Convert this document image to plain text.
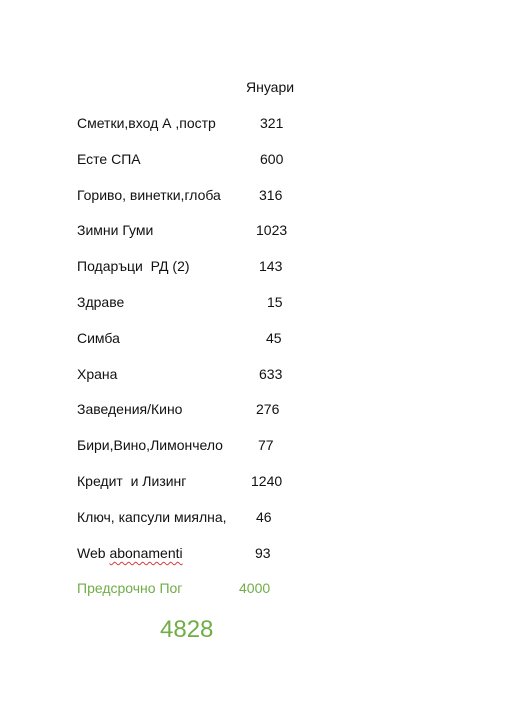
Януари
Сметки,вход А ,постр	321
Есте СПА	600
Гориво, винетки,глоба	316
Зимни Гуми	1023
Подаръци  РД (2)	143
Здраве	15
Симба	45
Храна	633
Заведения/Кино	276
Бири,Вино,Лимончело	77
Кредит  и Лизинг	1240
Ключ, капсули миялна, 46
Web abonamenti	93
Предсрочно Пог	4000
4828
